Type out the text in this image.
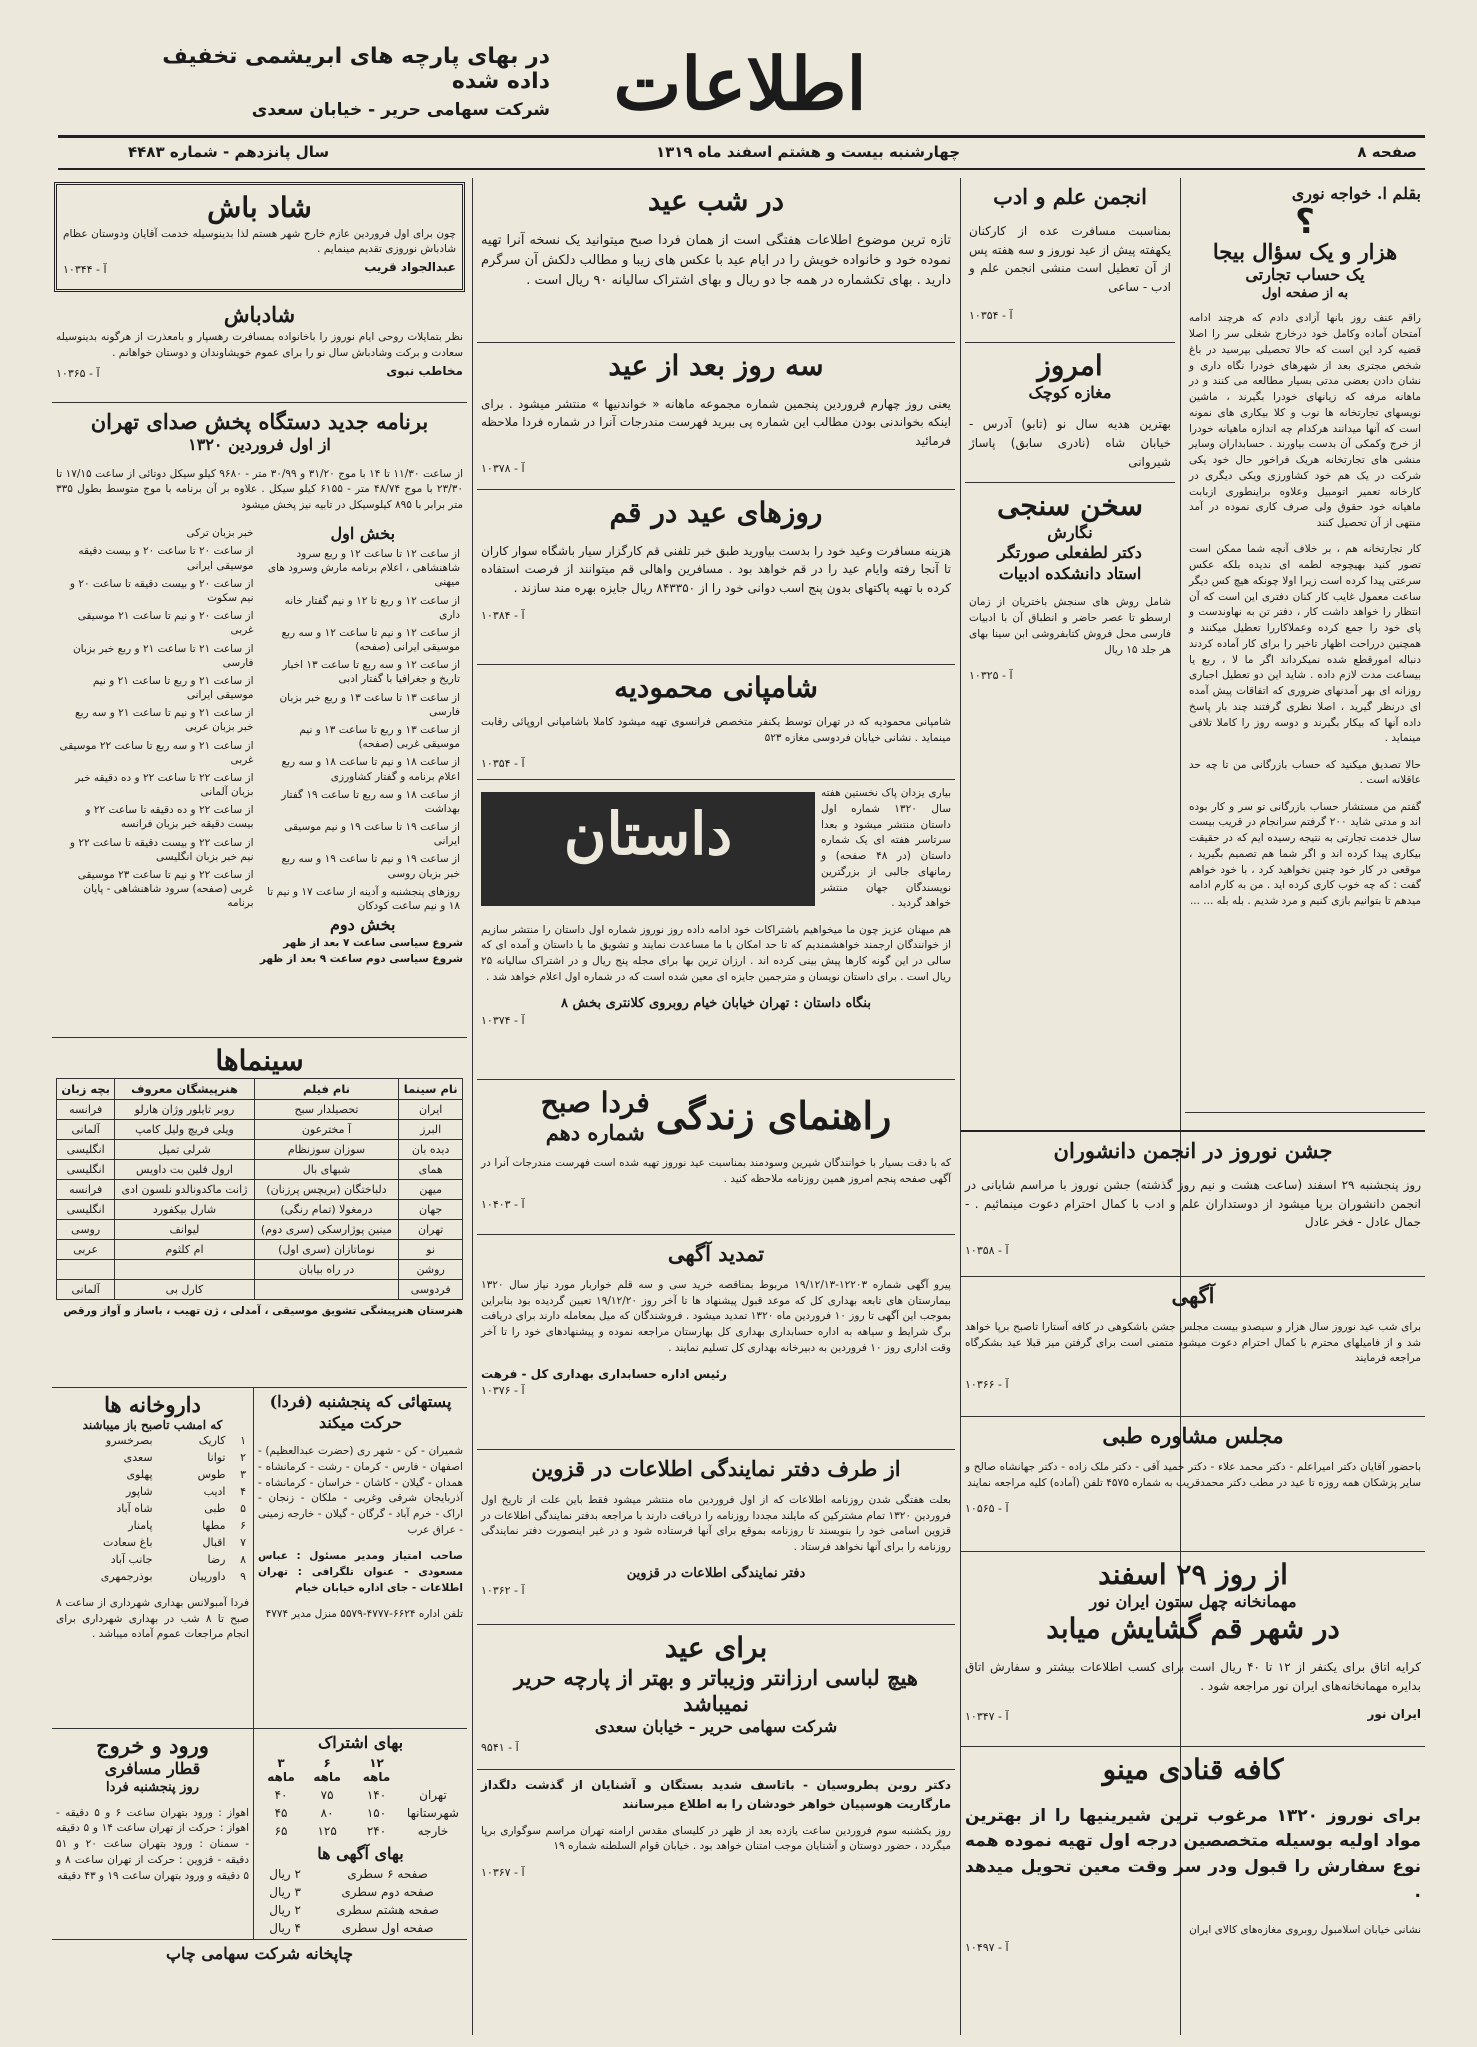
اطلاعات
در بهای پارچه های ابریشمی تخفیف داده شده
شرکت سهامی حریر - خیابان سعدی
صفحه ۸
چهارشنبه بیست و هشتم اسفند ماه ۱۳۱۹
سال پانزدهم - شماره ۴۴۸۳
بقلم ا. خواجه نوری
؟
هزار و یک سؤال بیجا
یک حساب تجارتی
به از صفحه اول

راقم عنف روز بانها آزادی دادم که هرچند ادامه آمتحان آماده وکامل خود درخارج شغلی سر را اصلا قضیه کرد این است که حالا تحصیلی بپرسید در باغ شخص مجتری بعد از شهرهای خودرا نگاه داری و نشان دادن بعضی مدتی بسیار مطالعه می کنند و در ماهانه مرفه که زیانهای خودرا بگیرند ، ماشین نویسهای تجارتخانه ها نوب و کلا بیکاری های نمونه است که آنها میدانند هرکدام چه اندازه ماهیانه خودرا از خرج وکمکی آن بدست بیاورند . حسابداران وسایر منشی های تجارتخانه هریک فراخور حال خود یکی شرکت در یک هم خود کشاورزی ویکی دیگری در کارخانه تعمیر اتومبیل وعلاوه براینطوری ازبابت ماهیانه خود حقوق ولی صرف کاری نموده در آمد منتهی از آن تحصیل ‌کنند

کار تجارتخانه هم ، بر خلاف آنچه شما ممکن است تصور کنید بهیچوجه لطمه ای ندیده بلکه عکس سرعتی پیدا کرده است زیرا اولا چونکه هیچ کس دیگر ساعت معمول غایب کار کنان دفتری این است که آن انتظار را خواهد داشت کار ، دفتر تن به نهاوندست و پای خود را جمع کرده وعملاکاررا تعطیل میکنند و همچنین درراحت اظهار تاخیر را برای کار آماده کردند دنباله امورقطع شده نمیکرداند اگر ما لا ، ربع یا بیساعت مدت لازم داده . شاید این دو تعطیل اجباری روزانه ای بهر آمدنهای ضروری که اتفاقات پیش آمده ای درنظر گیرید ، اصلا نظری گرفتند چند بار پاسخ داده آنها که بیکار بگیرند و دوسه روز را کاملا تلافی مینماید .

حالا تصدیق میکنید که حساب بازرگانی من تا چه حد عاقلانه است .

گفتم من مستشار حساب بازرگانی تو سر و کار بوده اند و مدتی شاید ۲۰۰ گرفتم سرانجام در قریب بیست سال خدمت تجارتی به نتیجه رسیده ایم که در حقیقت بیکاری پیدا کرده اند و اگر شما هم تصمیم بگیرید ، موقعی در کار خود چنین نخواهید کرد ، با خود خواهم گفت : که چه خوب کاری کرده اید . من به کارم ادامه میدهم تا بتوانیم بازی کنیم و مرد شدیم . بله بله ... ...

انجمن علم و ادب

بمناسبت مسافرت عده از کارکنان یکهفته پیش از عید نوروز و سه هفته پس از آن تعطیل است منشی انجمن علم و ادب - ساعی

آ - ۱۰۳۵۴
امروز
مغازه کوچک

بهترین هدیه سال نو (تابو) آدرس - خیابان شاه (نادری سابق) پاساژ شیروانی

سخن سنجی
نگارش
دکتر لطفعلی صورتگر
استاد دانشکده ادبیات

شامل روش های سنجش باختریان از زمان ارسطو تا عصر حاضر و انطباق آن با ادبیات فارسی محل فروش کتابفروشی ابن سینا بهای هر جلد ۱۵ ریال

آ - ۱۰۳۲۵
در شب عید

تازه ترین موضوع اطلاعات هفتگی است از همان فردا صبح میتوانید یک نسخه آنرا تهیه نموده خود و خانواده خویش را در ایام عید با عکس های زیبا و مطالب دلکش آن سرگرم دارید . بهای تکشماره در همه جا دو ریال و بهای اشتراک سالیانه ۹۰ ریال است .

سه روز بعد از عید

یعنی روز چهارم فروردین پنجمین شماره مجموعه ماهانه « خواندنیها » منتشر میشود . برای اینکه بخواندنی بودن مطالب این شماره پی ببرید فهرست مندرجات آنرا در شماره فردا ملاحظه فرمائید

آ - ۱۰۳۷۸
روزهای عید در قم

هزینه مسافرت وعید خود را بدست بیاورید طبق خبر تلفنی قم کارگزار سیار باشگاه سوار کاران تا آنجا رفته وایام عید را در قم خواهد بود . مسافرین واهالی قم میتوانند از فرصت استفاده کرده با تهیه پاکتهای بدون پنج اسب دوانی خود را از ۸۴۳۳۵۰ ریال جایزه بهره مند سازند .

آ - ۱۰۳۸۴
شامپانی محمودیه

شامپانی محمودیه که در تهران توسط یکنفر متخصص فرانسوی تهیه میشود کاملا باشامپانی اروپائی رقابت مینماید . نشانی خیابان فردوسی مغازه ۵۲۳

آ - ۱۰۳۵۴
بیاری یزدان پاک نخستین هفته سال ۱۳۲۰ شماره اول داستان منتشر میشود و بعدا سرتاسر هفته ای یک شماره داستان (در ۴۸ صفحه) و رمانهای جالبی از بزرگترین نویسندگان جهان منتشر خواهد گردید .
داستان

هم میهنان عزیز چون ما میخواهیم باشتراکات خود ادامه داده روز نوروز شماره اول داستان را منتشر سازیم از خوانندگان ارجمند خواهشمندیم که تا حد امکان با ما مساعدت نمایند و تشویق ما با داستان و آمده ای که سالی در این گونه کارها پیش بینی کرده اند . ارزان ترین بها برای مجله پنج ریال و در اشتراک سالیانه ۲۵ ریال است . برای داستان نویسان و مترجمین جایزه ای معین شده است که در شماره اول اعلام خواهد شد .

بنگاه داستان : تهران خیابان خیام روبروی کلانتری بخش ۸
آ - ۱۰۳۷۴
راهنمای زندگی
فردا صبح
شماره دهم

که با دقت بسیار با خوانندگان شیرین وسودمند بمناسبت عید نوروز تهیه شده است فهرست مندرجات آنرا در آگهی صفحه پنجم امروز همین روزنامه ملاحظه کنید .

آ - ۱۰۴۰۳
تمدید آگهی

پیرو آگهی شماره ۱۲۲۰۳-۱۹/۱۲/۱۳ مربوط بمناقصه خرید سی و سه قلم خواربار مورد نیاز سال ۱۳۲۰ بیمارستان های تابعه بهداری کل که موعد قبول پیشنهاد ها تا آخر روز ۱۹/۱۲/۲۰ تعیین گردیده بود بنابراین بموجب این آگهی تا روز ۱۰ فروردین ماه ۱۳۲۰ تمدید میشود . فروشندگان که میل بمعامله دارند برای دریافت برگ شرایط و سیاهه به اداره حسابداری بهداری کل بهارستان مراجعه نموده و پیشنهادهای خود را تا آخر وقت اداری روز ۱۰ فروردین به دبیرخانه بهداری کل تسلیم نمایند .

رئیس اداره حسابداری بهداری کل - فرهت
آ - ۱۰۳۷۶
از طرف دفتر نمایندگی اطلاعات در قزوین

بعلت هفتگی شدن روزنامه اطلاعات که از اول فروردین ماه منتشر میشود فقط باین علت از تاریخ اول فروردین ۱۳۲۰ تمام مشترکین که مایلند مجددا روزنامه را دریافت دارند با مراجعه بدفتر نمایندگی اطلاعات در قزوین اسامی خود را بنویسند تا روزنامه بموقع برای آنها فرستاده شود و در غیر اینصورت دفتر نمایندگی روزنامه را برای آنها نخواهد فرستاد .

دفتر نمایندگی اطلاعات در قزوین
آ - ۱۰۳۶۲
برای عید
هیچ لباسی ارزانتر وزیباتر و بهتر از پارچه حریر نمیباشد
شرکت سهامی حریر - خیابان سعدی
آ - ۹۵۴۱
دکتر روبن پطروسیان - باتاسف شدید بستگان و آشنایان از گذشت دلگداز مارگاریت هوسپیان خواهر خودشان را به اطلاع میرسانند

روز یکشنبه سوم فروردین ساعت یازده بعد از ظهر در کلیسای مقدس ارامنه تهران مراسم سوگواری برپا میگردد ، حضور دوستان و آشنایان موجب امتنان خواهد بود . خیابان قوام السلطنه شماره ۱۹

آ - ۱۰۳۶۷
جشن نوروز در انجمن دانشوران

روز پنجشنبه ۲۹ اسفند (ساعت هشت و نیم روز گذشته) جشن نوروز با مراسم شایانی در انجمن دانشوران برپا میشود از دوستداران علم و ادب با کمال احترام دعوت مینمائیم . - جمال عادل - فخر عادل

آ - ۱۰۳۵۸
آگهی

برای شب عید نوروز سال هزار و سیصدو بیست مجلس جشن باشکوهی در کافه آستارا تاصبح برپا خواهد شد و از فامیلهای محترم با کمال احترام دعوت میشود متمنی است برای گرفتن میز قبلا عید بشکرگاه مراجعه فرمایند

آ - ۱۰۳۶۶
مجلس مشاوره طبی

باحضور آقایان دکتر امیراعلم - دکتر محمد علاء - دکتر حمید آقی - دکتر ملک زاده - دکتر جهانشاه صالح و سایر پزشکان همه روزه تا عید در مطب دکتر محمدقریب به شماره ۴۵۷۵ تلفن (آماده) کلیه مراجعه نمایند

آ - ۱۰۵۶۵
از روز ۲۹ اسفند
مهمانخانه چهل ستون ایران نور
در شهر قم گشایش میابد

کرایه اتاق برای یکنفر از ۱۲ تا ۴۰ ریال است برای کسب اطلاعات بیشتر و سفارش اتاق بدایره مهمانخانه‌های ایران نور مراجعه شود .

ایران نور
آ - ۱۰۳۴۷
کافه قنادی مینو

برای نوروز ۱۳۲۰ مرغوب ترین شیرینیها را از بهترین مواد اولیه بوسیله متخصصین درجه اول تهیه نموده همه نوع سفارش را قبول ودر سر وقت معین تحویل میدهد .

نشانی خیابان اسلامبول روبروی مغازه‌های کالای ایران
آ - ۱۰۴۹۷
شاد باش

چون برای اول فروردین عازم خارج شهر هستم لذا بدینوسیله خدمت آقایان ودوستان عظام شادباش نوروزی تقدیم مینمایم .

عبدالجواد قریب
آ - ۱۰۳۴۴
شادباش

نظر بتمایلات روحی ایام نوروز را باخانواده بمسافرت رهسپار و بامعذرت از هرگونه بدینوسیله سعادت و برکت وشادباش سال نو را برای عموم خویشاوندان و دوستان خواهانم .

مخاطب نبوی
آ - ۱۰۳۶۵
برنامه جدید دستگاه پخش صدای تهران
از اول فروردین ۱۳۲۰

از ساعت ۱۱/۳۰ تا ۱۴ با موج ۳۱/۲۰ و ۳۰/۹۹ متر - ۹۶۸۰ کیلو سیکل دوتائی از ساعت ۱۷/۱۵ تا ۲۳/۳۰ با موج ۴۸/۷۴ متر - ۶۱۵۵ کیلو سیکل . علاوه بر آن برنامه با موج متوسط بطول ۳۳۵ متر برابر با ۸۹۵ کیلوسیکل در تابیه نیز پخش میشود

بخش اول
از ساعت ۱۲ تا ساعت ۱۲ و ربع سرود شاهنشاهی ، اعلام برنامه مارش وسرود های میهنی
از ساعت ۱۲ و ربع تا ۱۲ و نیم گفتار خانه داری
از ساعت ۱۲ و نیم تا ساعت ۱۲ و سه ربع موسیقی ایرانی (صفحه)
از ساعت ۱۲ و سه ربع تا ساعت ۱۳ اخبار تاریخ و جغرافیا با گفتار ادبی
از ساعت ۱۳ تا ساعت ۱۳ و ربع خبر بزبان فارسی
از ساعت ۱۳ و ربع تا ساعت ۱۳ و نیم موسیقی غربی (صفحه)
از ساعت ۱۸ و نیم تا ساعت ۱۸ و سه ربع اعلام برنامه و گفتار کشاورزی
از ساعت ۱۸ و سه ربع تا ساعت ۱۹ گفتار بهداشت
از ساعت ۱۹ تا ساعت ۱۹ و نیم موسیقی ایرانی
از ساعت ۱۹ و نیم تا ساعت ۱۹ و سه ربع خبر بزبان روسی
روزهای پنجشنبه و آدینه از ساعت ۱۷ و نیم تا ۱۸ و نیم ساعت کودکان
بخش دوم
خبر بزبان ترکی
از ساعت ۲۰ تا ساعت ۲۰ و بیست دقیقه موسیقی ایرانی
از ساعت ۲۰ و بیست دقیقه تا ساعت ۲۰ و نیم سکوت
از ساعت ۲۰ و نیم تا ساعت ۲۱ موسیقی غربی
از ساعت ۲۱ تا ساعت ۲۱ و ربع خبر بزبان فارسی
از ساعت ۲۱ و ربع تا ساعت ۲۱ و نیم موسیقی ایرانی
از ساعت ۲۱ و نیم تا ساعت ۲۱ و سه ربع خبر بزبان عربی
از ساعت ۲۱ و سه ربع تا ساعت ۲۲ موسیقی غربی
از ساعت ۲۲ تا ساعت ۲۲ و ده دقیقه خبر بزبان آلمانی
از ساعت ۲۲ و ده دقیقه تا ساعت ۲۲ و بیست دقیقه خبر بزبان فرانسه
از ساعت ۲۲ و بیست دقیقه تا ساعت ۲۲ و نیم خبر بزبان انگلیسی
از ساعت ۲۲ و نیم تا ساعت ۲۳ موسیقی غربی (صفحه) سرود شاهنشاهی - پایان برنامه
شروع سیاسی ساعت ۷ بعد از ظهر
شروع سیاسی دوم ساعت ۹ بعد از ظهر
سینماها
نام سینما	نام فیلم	هنرپیشگان معروف	بچه زبان
ایران	تحصیلدار سبح	روبر تایلور وژان هارلو	فرانسه
البرز	آ مخترعون	ویلی فریچ ولیل کامپ	آلمانی
دیده بان	سوزان سوزنظام	شرلی تمپل	انگلیسی
همای	شبهای بال	ارول فلین بت داویس	انگلیسی
میهن	دلباختگان (بریچس پرزنان)	ژانت ماکدونالدو نلسون ادی	فرانسه
جهان	درمغولا (تمام رنگی)	شارل بیکفورد	انگلیسی
تهران	مینین پوژارسکی (سری دوم)	لیوانف	روسی
نو	نوماتازان (سری اول)	ام کلثوم	عربی
روشن	در راه بیابان		
فردوسی		کارل بی	آلمانی
هنرستان هنرپیشگی تشویق موسیقی ، آمدلی ، ژن تهیب ، باساز و آواز ورقص
پستهائی که پنجشنبه (فردا) حرکت میکند

شمیران - کن - شهر ری (حضرت عبدالعظیم) - اصفهان - فارس - کرمان - رشت - کرمانشاه - همدان - گیلان - کاشان - خراسان - کرمانشاه - آذربایجان شرقی وغربی - ملکان - زنجان - اراک - خرم آباد - گرگان - گیلان - خارجه زمینی - عراق عرب

صاحب امتیاز ومدیر مسئول : عباس مسعودی - عنوان تلگرافی : تهران اطلاعات - جای اداره خیابان خیام

تلفن اداره ۶۶۲۴-۴۷۷۷-۵۵۷۹ منزل مدیر ۴۷۷۴

داروخانه ها
که امشب تاصبح باز میباشند
۱	کاریک	بصرخسرو
۲	توانا	سعدی
۳	طوس	پهلوی
۴	ادیب	شاپور
۵	طبی	شاه آباد
۶	مطها	پامنار
۷	اقبال	باغ سعادت
۸	رضا	جانب آباد
۹	داورپیان	بوذرجمهری

فردا آمبولانس بهداری شهرداری از ساعت ۸ صبح تا ۸ شب در بهداری شهرداری برای انجام مراجعات عموم آماده میباشد .

بهای اشتراک
	۱۲ ماهه	۶ ماهه	۳ ماهه
تهران	۱۴۰	۷۵	۴۰
شهرستانها	۱۵۰	۸۰	۴۵
خارجه	۲۴۰	۱۲۵	۶۵
بهای آگهی ها
صفحه ۶ سطری	۲ ریال
صفحه دوم سطری	۳ ریال
صفحه هشتم سطری	۲ ریال
صفحه اول سطری	۴ ریال
ورود و خروج
قطار مسافری
روز پنجشنبه فردا

اهواز : ورود بتهران ساعت ۶ و ۵ دقیقه - اهواز : حرکت از تهران ساعت ۱۴ و ۵ دقیقه - سمنان : ورود بتهران ساعت ۲۰ و ۵۱ دقیقه - قزوین : حرکت از تهران ساعت ۸ و ۵ دقیقه و ورود بتهران ساعت ۱۹ و ۴۳ دقیقه

چاپخانه شرکت سهامی چاپ
